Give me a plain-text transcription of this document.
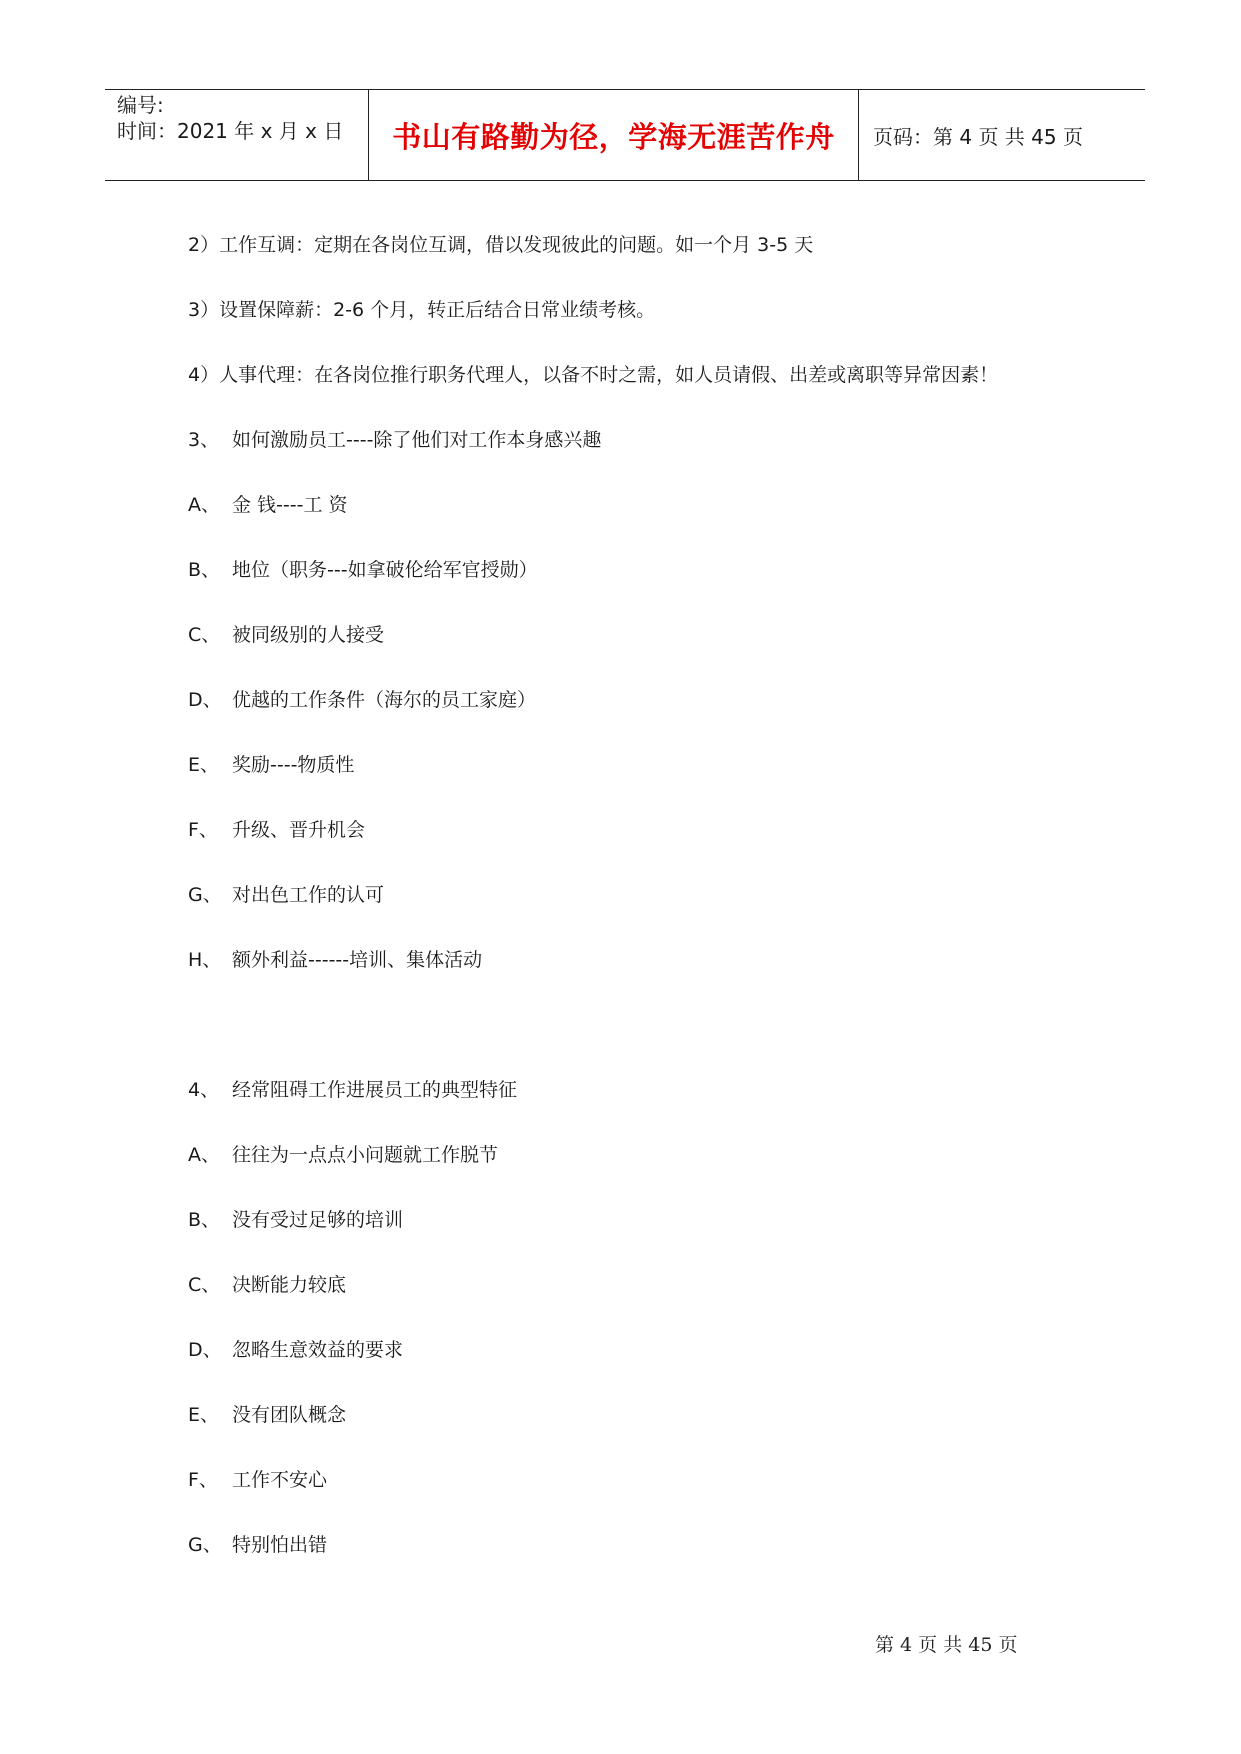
编号:
时间：2021 年 x 月 x 日	书山有路勤为径，学海无涯苦作舟	页码：第 4 页 共 45 页
2）工作互调：定期在各岗位互调，借以发现彼此的问题。如一个月 3-5 天
3）设置保障薪：2-6 个月，转正后结合日常业绩考核。
4）人事代理：在各岗位推行职务代理人，以备不时之需，如人员请假、出差或离职等异常因素！
3、 如何激励员工----除了他们对工作本身感兴趣
A、 金 钱----工 资
B、 地位（职务---如拿破伦给军官授勋）
C、 被同级别的人接受
D、 优越的工作条件（海尔的员工家庭）
E、 奖励----物质性
F、 升级、晋升机会
G、 对出色工作的认可
H、 额外利益------培训、集体活动
4、 经常阻碍工作进展员工的典型特征
A、 往往为一点点小问题就工作脱节
B、 没有受过足够的培训
C、 决断能力较底
D、 忽略生意效益的要求
E、 没有团队概念
F、 工作不安心
G、 特别怕出错
第 4 页 共 45 页
